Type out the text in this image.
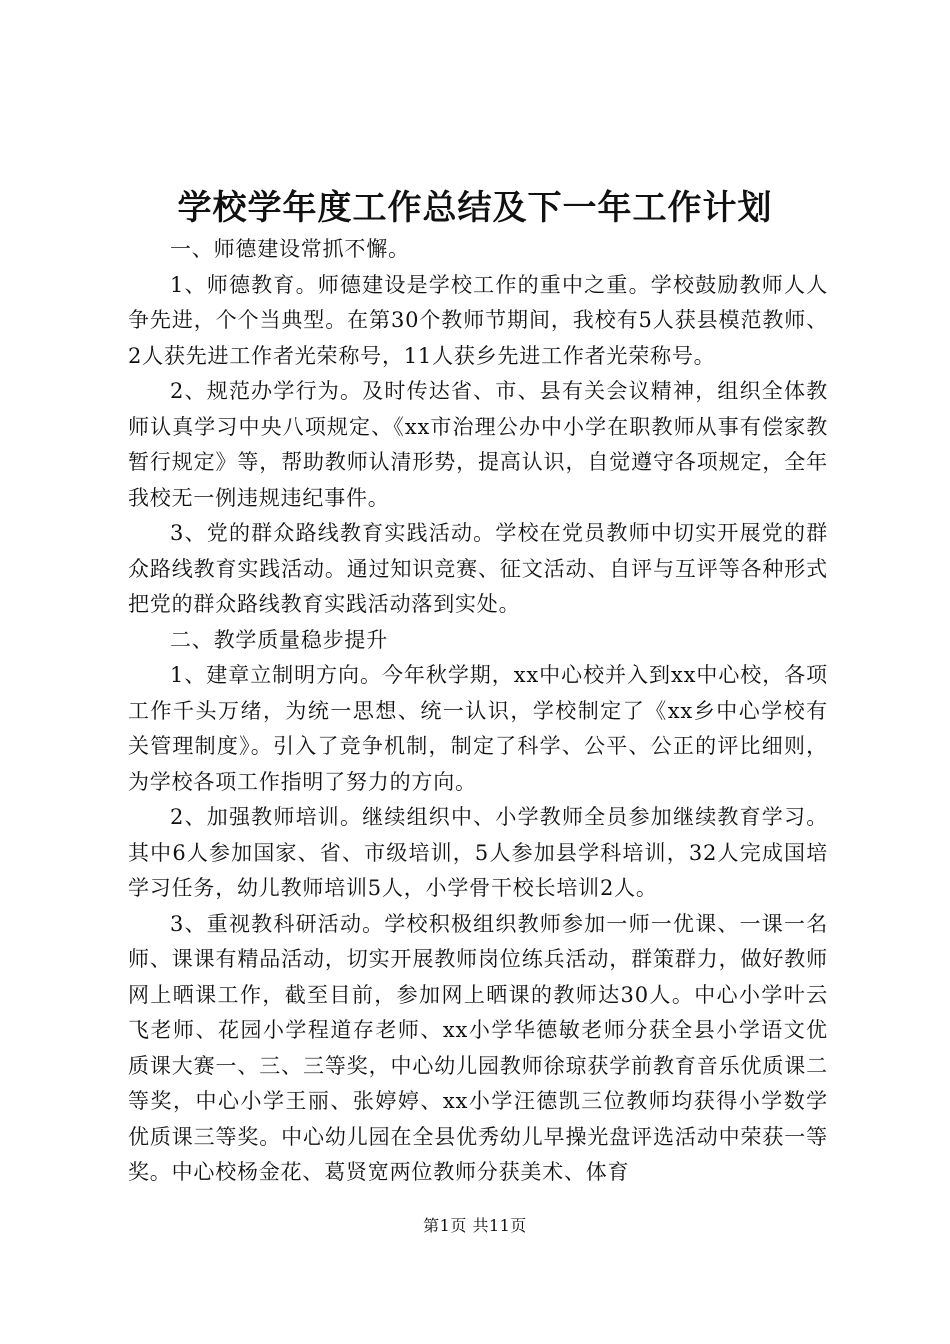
学校学年度工作总结及下一年工作计划

一、师德建设常抓不懈。

1、师德教育。师德建设是学校工作的重中之重。学校鼓励教师人人争先进，个个当典型。在第30个教师节期间，我校有5人获县模范教师、2人获先进工作者光荣称号，11人获乡先进工作者光荣称号。

2、规范办学行为。及时传达省、市、县有关会议精神，组织全体教师认真学习中央八项规定、《xx市治理公办中小学在职教师从事有偿家教暂行规定》等，帮助教师认清形势，提高认识，自觉遵守各项规定，全年我校无一例违规违纪事件。

3、党的群众路线教育实践活动。学校在党员教师中切实开展党的群众路线教育实践活动。通过知识竞赛、征文活动、自评与互评等各种形式把党的群众路线教育实践活动落到实处。

二、教学质量稳步提升

1、建章立制明方向。今年秋学期，xx中心校并入到xx中心校，各项工作千头万绪，为统一思想、统一认识，学校制定了《xx乡中心学校有关管理制度》。引入了竞争机制，制定了科学、公平、公正的评比细则，为学校各项工作指明了努力的方向。

2、加强教师培训。继续组织中、小学教师全员参加继续教育学习。其中6人参加国家、省、市级培训，5人参加县学科培训，32人完成国培学习任务，幼儿教师培训5人，小学骨干校长培训2人。

3、重视教科研活动。学校积极组织教师参加一师一优课、一课一名师、课课有精品活动，切实开展教师岗位练兵活动，群策群力，做好教师网上晒课工作，截至目前，参加网上晒课的教师达30人。中心小学叶云飞老师、花园小学程道存老师、xx小学华德敏老师分获全县小学语文优质课大赛一、三、三等奖，中心幼儿园教师徐琼获学前教育音乐优质课二等奖，中心小学王丽、张婷婷、xx小学汪德凯三位教师均获得小学数学优质课三等奖。中心幼儿园在全县优秀幼儿早操光盘评选活动中荣获一等奖。中心校杨金花、葛贤宽两位教师分获美术、体育

第1页 共11页
